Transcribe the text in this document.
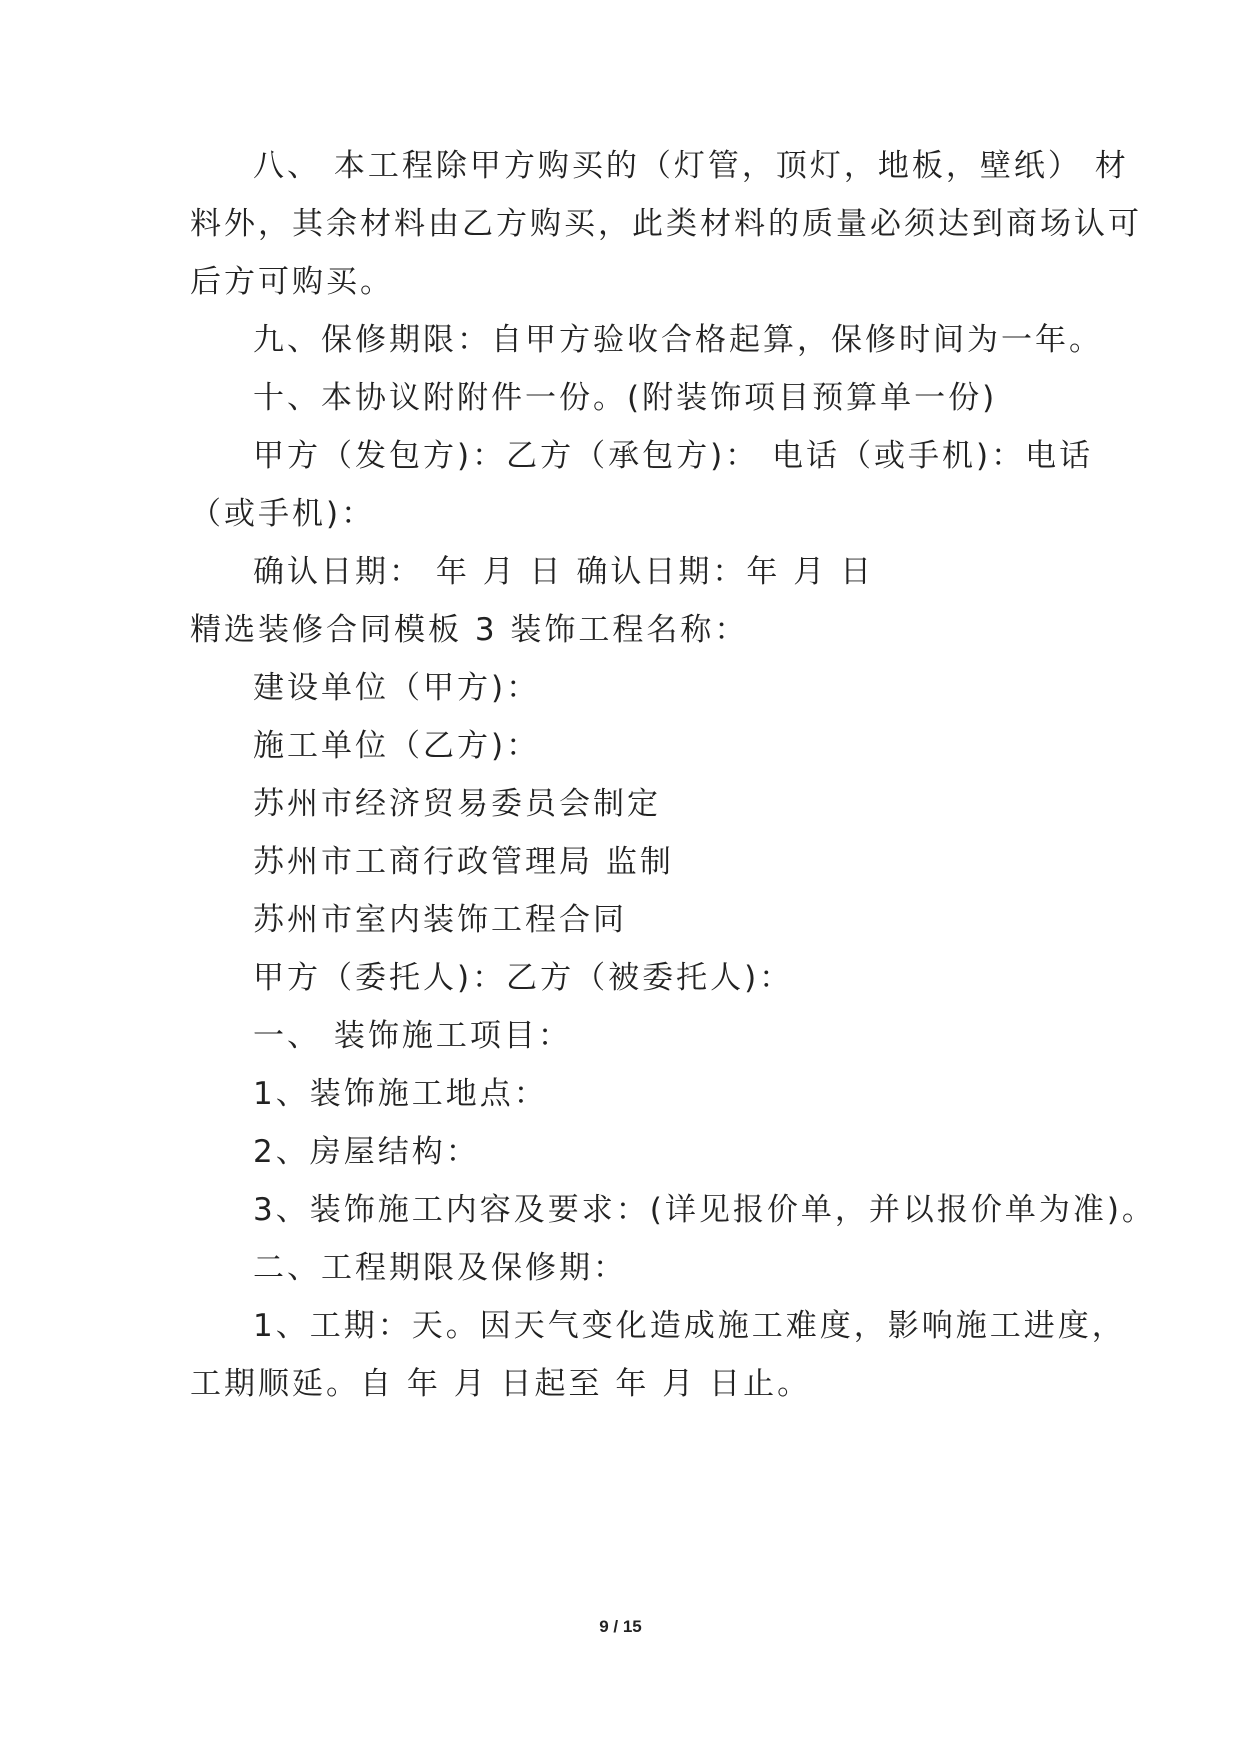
八、 本工程除甲方购买的（灯管，顶灯，地板，壁纸） 材
料外，其余材料由乙方购买，此类材料的质量必须达到商场认可
后方可购买。
九、保修期限：自甲方验收合格起算，保修时间为一年。
十、本协议附附件一份。(附装饰项目预算单一份)
甲方（发包方)：乙方（承包方)： 电话（或手机)：电话
（或手机)：
确认日期： 年 月 日 确认日期：年 月 日
精选装修合同模板 3 装饰工程名称：
建设单位（甲方)：
施工单位（乙方)：
苏州市经济贸易委员会制定
苏州市工商行政管理局 监制
苏州市室内装饰工程合同
甲方（委托人)：乙方（被委托人)：
一、 装饰施工项目：
1、装饰施工地点：
2、房屋结构：
3、装饰施工内容及要求：(详见报价单，并以报价单为准)。
二、工程期限及保修期：
1、工期：天。因天气变化造成施工难度，影响施工进度，
工期顺延。自 年 月 日起至 年 月 日止。
9 / 15
